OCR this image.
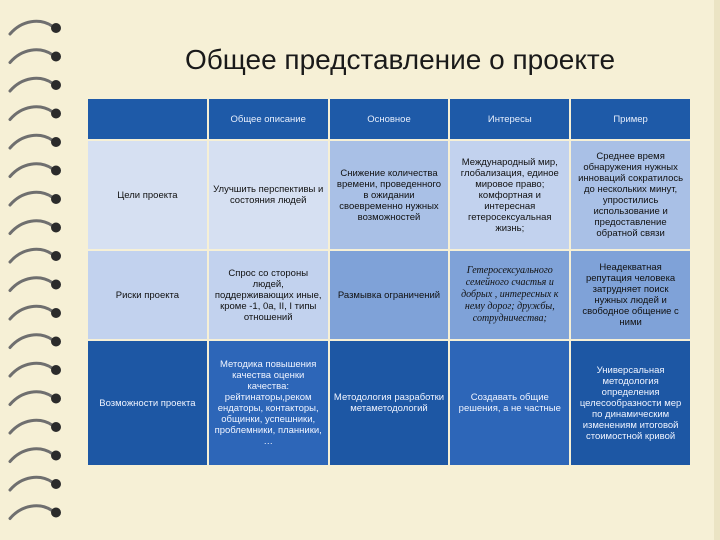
Общее представление о проекте
	Общее описание	Основное	Интересы	Пример
Цели проекта	Улучшить перспективы и состояния людей	Снижение количества времени, проведенного в ожидании своевременно нужных возможностей	Международный мир, глобализация, единое мировое право; комфортная и интересная гетеросексуальная жизнь;	Среднее время обнаружения нужных инноваций сократилось до нескольких минут, упростились использование и предоставление обратной связи
Риски проекта	Спрос со стороны людей, поддерживающих иные, кроме -1, 0a, II, I типы отношений	Размывка ограничений	Гетеросексуального семейного счастья и добрых , интересных к нему дорог; дружбы, сотрудничества;	Неадекватная репутация человека затрудняет поиск нужных людей и свободное общение с ними
Возможности проекта	Методика повышения качества оценки качества: рейтинаторы,реком ендаторы, контакторы, общинки, успешники, проблемники, планники, …	Методология разработки метаметодологий	Создавать общие решения, а не частные	Универсальная методология определения целесообразности мер по динамическим изменениям итоговой стоимостной кривой
